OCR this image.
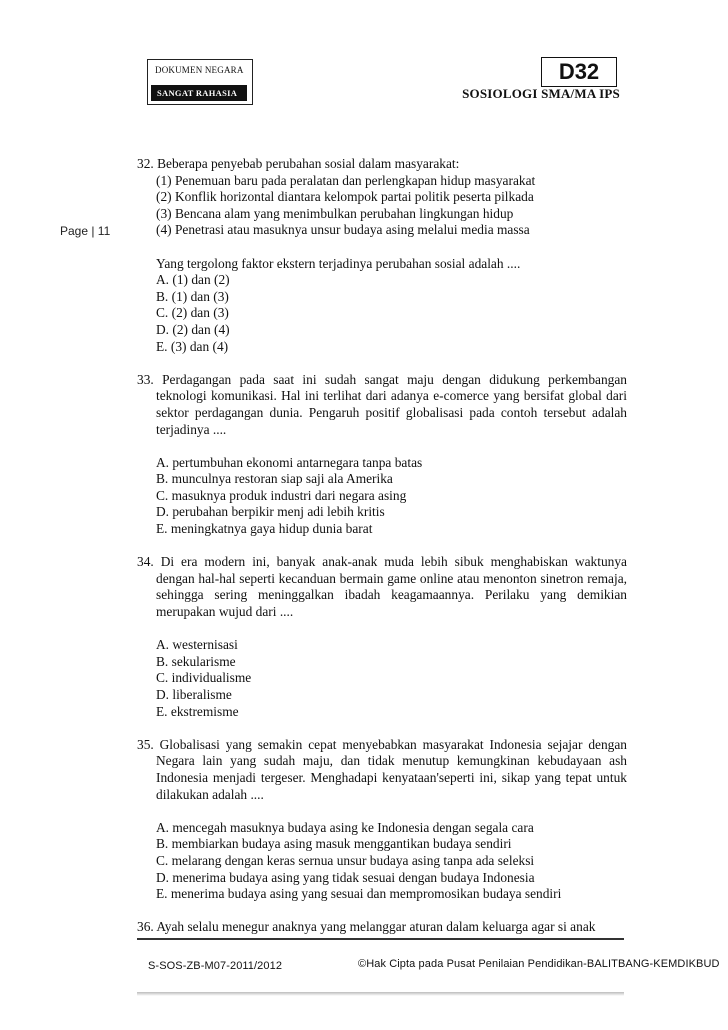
DOKUMEN NEGARA
SANGAT RAHASIA
D32
SOSIOLOGI SMA/MA IPS
Page | 11
32. Beberapa penyebab perubahan sosial dalam masyarakat:
(1) Penemuan baru pada peralatan dan perlengkapan hidup masyarakat
(2) Konflik horizontal diantara kelompok partai politik peserta pilkada
(3) Bencana alam yang menimbulkan perubahan lingkungan hidup
(4) Penetrasi atau masuknya unsur budaya asing melalui media massa
Yang tergolong faktor ekstern terjadinya perubahan sosial adalah ....
A. (1) dan (2)
B. (1) dan (3)
C. (2) dan (3)
D. (2) dan (4)
E. (3) dan (4)
33. Perdagangan pada saat ini sudah sangat maju dengan didukung perkembangan teknologi komunikasi. Hal ini terlihat dari adanya e-comerce yang bersifat global dari sektor perdagangan dunia. Pengaruh positif globalisasi pada contoh tersebut adalah terjadinya ....
A. pertumbuhan ekonomi antarnegara tanpa batas
B. munculnya restoran siap saji ala Amerika
C. masuknya produk industri dari negara asing
D. perubahan berpikir menj adi lebih kritis
E. meningkatnya gaya hidup dunia barat
34. Di era modern ini, banyak anak-anak muda lebih sibuk menghabiskan waktunya dengan hal-hal seperti kecanduan bermain game online atau menonton sinetron remaja, sehingga sering meninggalkan ibadah keagamaannya. Perilaku yang demikian merupakan wujud dari ....
A. westernisasi
B. sekularisme
C. individualisme
D. liberalisme
E. ekstremisme
35. Globalisasi yang semakin cepat menyebabkan masyarakat Indonesia sejajar dengan Negara lain yang sudah maju, dan tidak menutup kemungkinan kebudayaan ash Indonesia menjadi tergeser. Menghadapi kenyataan'seperti ini, sikap yang tepat untuk dilakukan adalah ....
A. mencegah masuknya budaya asing ke Indonesia dengan segala cara
B. membiarkan budaya asing masuk menggantikan budaya sendiri
C. melarang dengan keras sernua unsur budaya asing tanpa ada seleksi
D. menerima budaya asing yang tidak sesuai dengan budaya Indonesia
E. menerima budaya asing yang sesuai dan mempromosikan budaya sendiri
36. Ayah selalu menegur anaknya yang melanggar aturan dalam keluarga agar si anak
S-SOS-ZB-M07-2011/2012	©Hak Cipta pada Pusat Penilaian Pendidikan-BALITBANG-KEMDIKBUD
